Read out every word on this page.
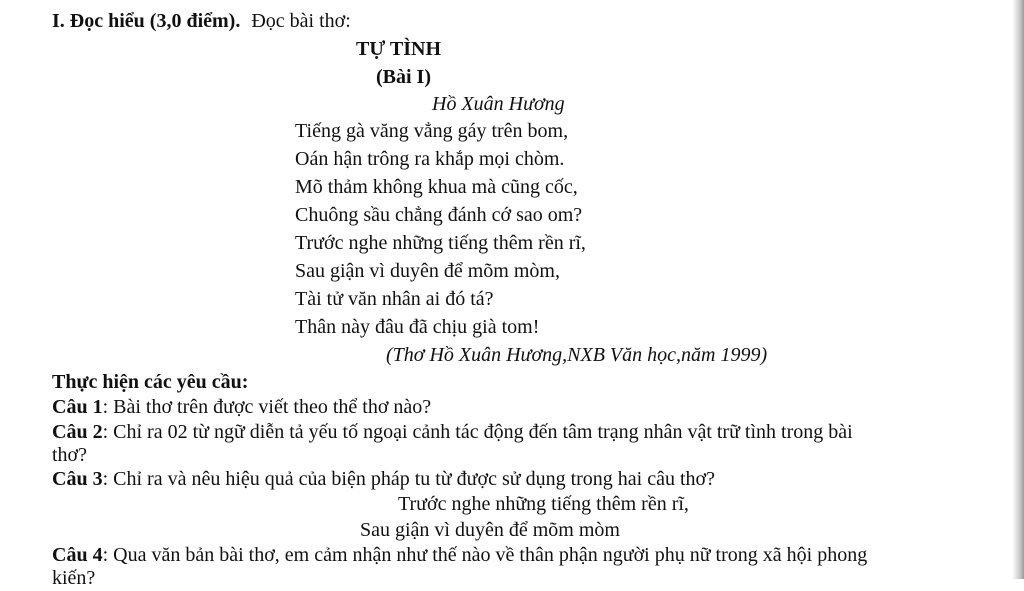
I. Đọc hiểu (3,0 điểm). Đọc bài thơ:
TỰ TÌNH
(Bài I)
Hồ Xuân Hương
Tiếng gà văng vẳng gáy trên bom,
Oán hận trông ra khắp mọi chòm.
Mõ thảm không khua mà cũng cốc,
Chuông sầu chẳng đánh cớ sao om?
Trước nghe những tiếng thêm rền rĩ,
Sau giận vì duyên để mõm mòm,
Tài tử văn nhân ai đó tá?
Thân này đâu đã chịu già tom!
(Thơ Hồ Xuân Hương,NXB Văn học,năm 1999)
Thực hiện các yêu cầu:
Câu 1: Bài thơ trên được viết theo thể thơ nào?
Câu 2: Chỉ ra 02 từ ngữ diễn tả yếu tố ngoại cảnh tác động đến tâm trạng nhân vật trữ tình trong bài
thơ?
Câu 3: Chỉ ra và nêu hiệu quả của biện pháp tu từ được sử dụng trong hai câu thơ?
Trước nghe những tiếng thêm rền rĩ,
Sau giận vì duyên để mõm mòm
Câu 4: Qua văn bản bài thơ, em cảm nhận như thế nào về thân phận người phụ nữ trong xã hội phong
kiến?
